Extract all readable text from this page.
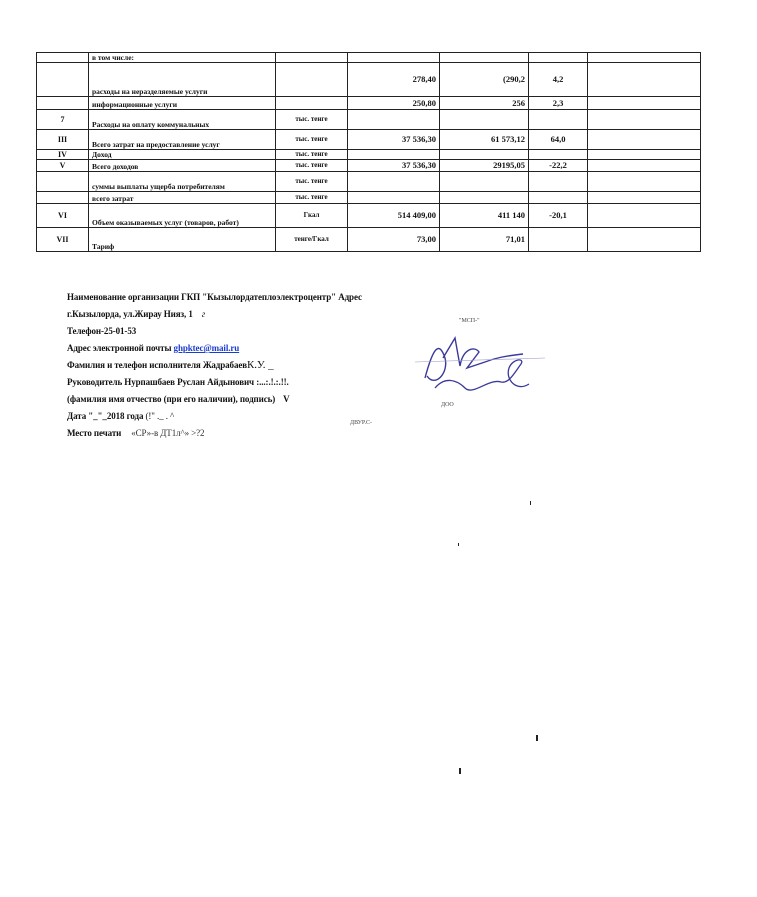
	в том числе:					
	расходы на неразделяемые услуги		278,40	(290,2	4,2	
	информационные услуги		250,80	256	2,3	
7	Расходы на оплату коммунальных	тыс. тенге				
III	Всего затрат на предоставление услуг	тыс. тенге	37 536,30	61 573,12	64,0	
IV	Доход	тыс. тенге				
V	Всего доходов	тыс. тенге	37 536,30	29195,05	-22,2	
	суммы выплаты ущерба потребителям	тыс. тенге				
	всего затрат	тыс. тенге				
VI	Объем оказываемых услуг (товаров, работ)	Гкал	514 409,00	411 140	-20,1	
VII	Тариф	тенге/Гкал	73,00	71,01		
Наименование организации ГКП "Кызылордатеплоэлектроцентр" Адрес
г.Кызылорда, ул.Жирау Нияз, 1 г
Телефон-25-01-53
Адрес электронной почты ghpktec@mail.ru
Фамилия и телефон исполнителя ЖадрабаевК.У. _
Руководитель Нурпашбаев Руслан Айдынович :...:.!.:.!!.
(фамилия имя отчество (при его наличии), подпись) V
Дата "_"_2018 года (!" ._ . ^
Место печати «СР»-в ДТ1л^» >?2
"МСП-"
ДОО
ДВУР.С-
